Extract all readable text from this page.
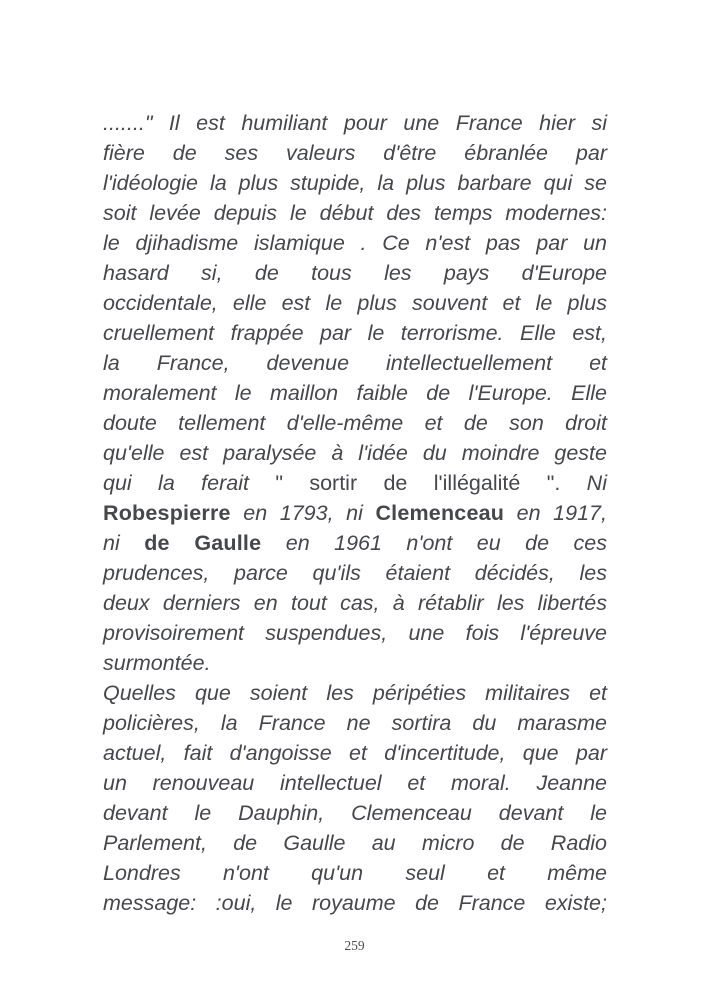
......." Il est humiliant pour une France hier si
fière de ses valeurs d'être ébranlée par
l'idéologie la plus stupide, la plus barbare qui se
soit levée depuis le début des temps modernes:
le djihadisme islamique . Ce n'est pas par un
hasard si, de tous les pays d'Europe
occidentale, elle est le plus souvent et le plus
cruellement frappée par le terrorisme. Elle est,
la France, devenue intellectuellement et
moralement le maillon faible de l'Europe. Elle
doute tellement d'elle-même et de son droit
qu'elle est paralysée à l'idée du moindre geste
qui la ferait " sortir de l'illégalité ". Ni
Robespierre en 1793, ni Clemenceau en 1917,
ni de Gaulle en 1961 n'ont eu de ces
prudences, parce qu'ils étaient décidés, les
deux derniers en tout cas, à rétablir les libertés
provisoirement suspendues, une fois l'épreuve
surmontée.
Quelles que soient les péripéties militaires et
policières, la France ne sortira du marasme
actuel, fait d'angoisse et d'incertitude, que par
un renouveau intellectuel et moral. Jeanne
devant le Dauphin, Clemenceau devant le
Parlement, de Gaulle au micro de Radio
Londres n'ont qu'un seul et même
message: :oui, le royaume de France existe;
259
